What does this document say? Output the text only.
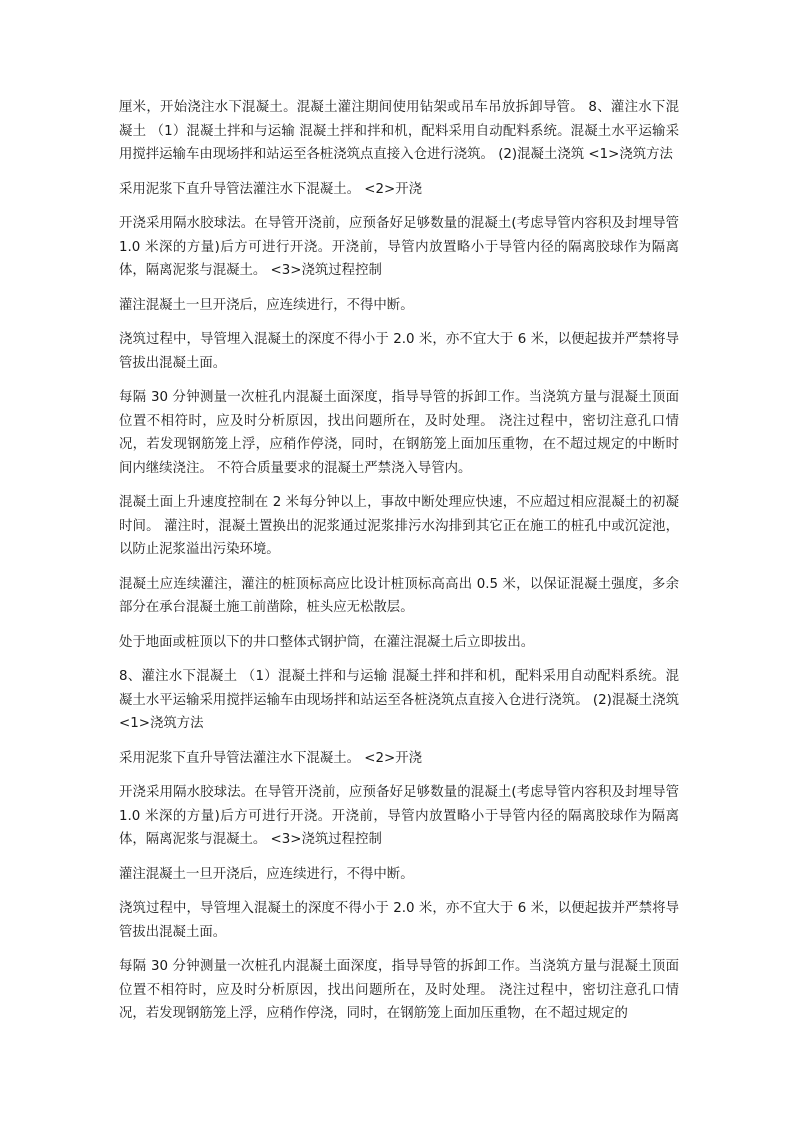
厘米，开始浇注水下混凝土。混凝土灌注期间使用钻架或吊车吊放拆卸导管。 8、灌注水下混凝土 （1）混凝土拌和与运输 混凝土拌和拌和机，配料采用自动配料系统。混凝土水平运输采用搅拌运输车由现场拌和站运至各桩浇筑点直接入仓进行浇筑。 (2)混凝土浇筑 <1>浇筑方法

采用泥浆下直升导管法灌注水下混凝土。 <2>开浇

开浇采用隔水胶球法。在导管开浇前，应预备好足够数量的混凝土(考虑导管内容积及封埋导管 1.0 米深的方量)后方可进行开浇。开浇前，导管内放置略小于导管内径的隔离胶球作为隔离体，隔离泥浆与混凝土。 <3>浇筑过程控制

灌注混凝土一旦开浇后，应连续进行，不得中断。

浇筑过程中，导管埋入混凝土的深度不得小于 2.0 米，亦不宜大于 6 米，以便起拔并严禁将导管拔出混凝土面。

每隔 30 分钟测量一次桩孔内混凝土面深度，指导导管的拆卸工作。当浇筑方量与混凝土顶面位置不相符时，应及时分析原因，找出问题所在，及时处理。 浇注过程中，密切注意孔口情况，若发现钢筋笼上浮，应稍作停浇，同时，在钢筋笼上面加压重物，在不超过规定的中断时间内继续浇注。 不符合质量要求的混凝土严禁浇入导管内。

混凝土面上升速度控制在 2 米每分钟以上，事故中断处理应快速，不应超过相应混凝土的初凝时间。 灌注时，混凝土置换出的泥浆通过泥浆排污水沟排到其它正在施工的桩孔中或沉淀池，以防止泥浆溢出污染环境。

混凝土应连续灌注，灌注的桩顶标高应比设计桩顶标高高出 0.5 米，以保证混凝土强度，多余部分在承台混凝土施工前凿除，桩头应无松散层。

处于地面或桩顶以下的井口整体式钢护筒，在灌注混凝土后立即拔出。

8、灌注水下混凝土 （1）混凝土拌和与运输 混凝土拌和拌和机，配料采用自动配料系统。混凝土水平运输采用搅拌运输车由现场拌和站运至各桩浇筑点直接入仓进行浇筑。 (2)混凝土浇筑 <1>浇筑方法

采用泥浆下直升导管法灌注水下混凝土。 <2>开浇

开浇采用隔水胶球法。在导管开浇前，应预备好足够数量的混凝土(考虑导管内容积及封埋导管 1.0 米深的方量)后方可进行开浇。开浇前，导管内放置略小于导管内径的隔离胶球作为隔离体，隔离泥浆与混凝土。 <3>浇筑过程控制

灌注混凝土一旦开浇后，应连续进行，不得中断。

浇筑过程中，导管埋入混凝土的深度不得小于 2.0 米，亦不宜大于 6 米，以便起拔并严禁将导管拔出混凝土面。

每隔 30 分钟测量一次桩孔内混凝土面深度，指导导管的拆卸工作。当浇筑方量与混凝土顶面位置不相符时，应及时分析原因，找出问题所在，及时处理。 浇注过程中，密切注意孔口情况，若发现钢筋笼上浮，应稍作停浇，同时，在钢筋笼上面加压重物，在不超过规定的
